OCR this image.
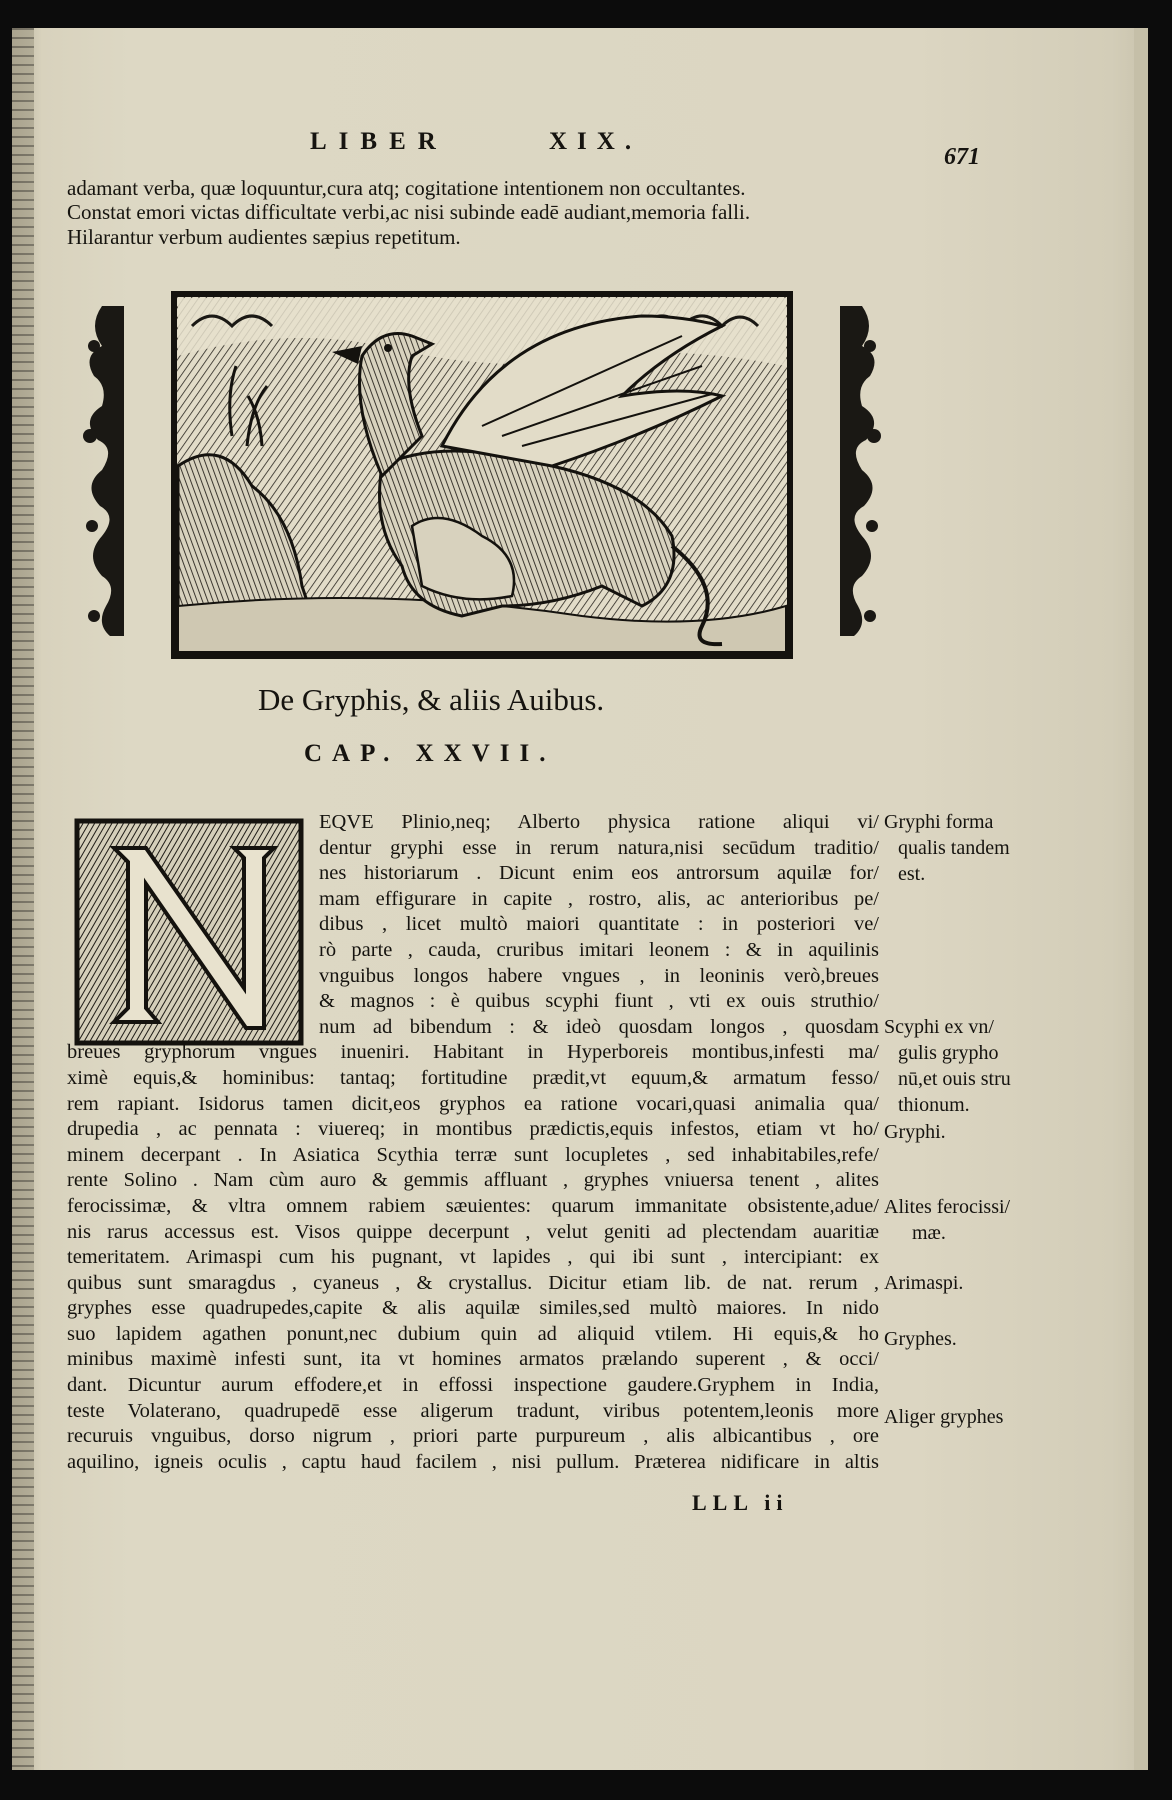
LIBER	XIX.
671
adamant verba, quæ loquuntur,cura atq; cogitatione intentionem non occultantes.
Constat emori victas difficultate verbi,ac nisi subinde eadē audiant,memoria falli.
Hilarantur verbum audientes sæpius repetitum.
De Gryphis, & aliis Auibus.
CAP. XXVII.
EQVE Plinio,neq; Alberto physica ratione aliqui vi/
dentur gryphi esse in rerum natura,nisi secūdum traditio/
nes historiarum . Dicunt enim eos antrorsum aquilæ for/
mam effigurare in capite , rostro, alis, ac anterioribus pe/
dibus , licet multò maiori quantitate : in posteriori ve/
rò parte , cauda, cruribus imitari leonem : & in aquilinis
vnguibus longos habere vngues , in leoninis verò,breues
& magnos : è quibus scyphi fiunt , vti ex ouis struthio/
num ad bibendum : & ideò quosdam longos , quosdam
breues gryphorum vngues inueniri. Habitant in Hyperboreis montibus,infesti ma/
ximè equis,& hominibus: tantaq; fortitudine prædit,vt equum,& armatum fesso/
rem rapiant. Isidorus tamen dicit,eos gryphos ea ratione vocari,quasi animalia qua/
drupedia , ac pennata : viuereq; in montibus prædictis,equis infestos, etiam vt ho/
minem decerpant . In Asiatica Scythia terræ sunt locupletes , sed inhabitabiles,refe/
rente Solino . Nam cùm auro & gemmis affluant , gryphes vniuersa tenent , alites
ferocissimæ, & vltra omnem rabiem sæuientes: quarum immanitate obsistente,adue/
nis rarus accessus est. Visos quippe decerpunt , velut geniti ad plectendam auaritiæ
temeritatem. Arimaspi cum his pugnant, vt lapides , qui ibi sunt , intercipiant: ex
quibus sunt smaragdus , cyaneus , & crystallus. Dicitur etiam lib. de nat. rerum ,
gryphes esse quadrupedes,capite & alis aquilæ similes,sed multò maiores. In nido
suo lapidem agathen ponunt,nec dubium quin ad aliquid vtilem. Hi equis,& ho
minibus maximè infesti sunt, ita vt homines armatos prælando superent , & occi/
dant. Dicuntur aurum effodere,et in effossi inspectione gaudere.Gryphem in India,
teste Volaterano, quadrupedē esse aligerum tradunt, viribus potentem,leonis more
recuruis vnguibus, dorso nigrum , priori parte purpureum , alis albicantibus , ore
aquilino, igneis oculis , captu haud facilem , nisi pullum. Præterea nidificare in altis
Gryphi forma
qualis tandem
est.
Scyphi ex vn/
gulis grypho
nū,et ouis stru
thionum.
Gryphi.
Alites ferocissi/
mæ.
Arimaspi.
Gryphes.
Aliger gryphes
LLL ii
